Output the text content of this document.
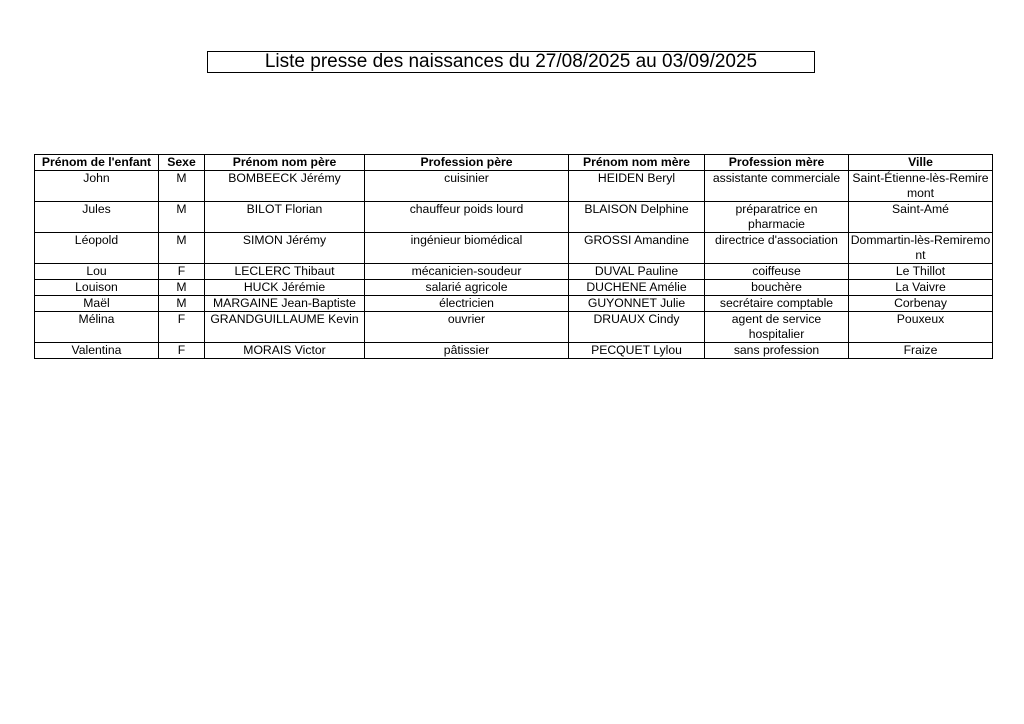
Liste presse des naissances du 27/08/2025 au 03/09/2025
Prénom de l'enfant	Sexe	Prénom nom père	Profession père	Prénom nom mère	Profession mère	Ville
John	M	BOMBEECK Jérémy	cuisinier	HEIDEN Beryl	assistante commerciale	Saint-Étienne-lès-Remiremont
Jules	M	BILOT Florian	chauffeur poids lourd	BLAISON Delphine	préparatrice en pharmacie	Saint-Amé
Léopold	M	SIMON Jérémy	ingénieur biomédical	GROSSI Amandine	directrice d'association	Dommartin-lès-Remiremont
Lou	F	LECLERC Thibaut	mécanicien-soudeur	DUVAL Pauline	coiffeuse	Le Thillot
Louison	M	HUCK Jérémie	salarié agricole	DUCHENE Amélie	bouchère	La Vaivre
Maël	M	MARGAINE Jean-Baptiste	électricien	GUYONNET Julie	secrétaire comptable	Corbenay
Mélina	F	GRANDGUILLAUME Kevin	ouvrier	DRUAUX Cindy	agent de service hospitalier	Pouxeux
Valentina	F	MORAIS Victor	pâtissier	PECQUET Lylou	sans profession	Fraize
